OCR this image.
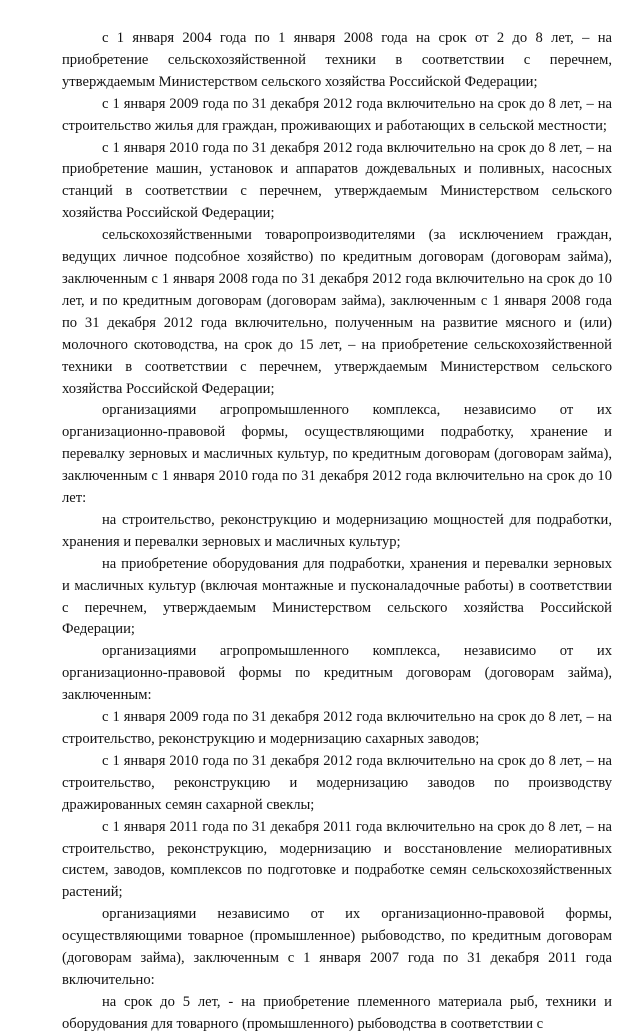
с 1 января 2004 года по 1 января 2008 года на срок от 2 до 8 лет, – на приобретение сельскохозяйственной техники в соответствии с перечнем, утверждаемым Министерством сельского хозяйства Российской Федерации;

с 1 января 2009 года по 31 декабря 2012 года включительно на срок до 8 лет, – на строительство жилья для граждан, проживающих и работающих в сельской местности;

с 1 января 2010 года по 31 декабря 2012 года включительно на срок до 8 лет, – на приобретение машин, установок и аппаратов дождевальных и поливных, насосных станций в соответствии с перечнем, утверждаемым Министерством сельского хозяйства Российской Федерации;

сельскохозяйственными товаропроизводителями (за исключением граждан, ведущих личное подсобное хозяйство) по кредитным договорам (договорам займа), заключенным с 1 января 2008 года по 31 декабря 2012 года включительно на срок до 10 лет, и по кредитным договорам (договорам займа), заключенным с 1 января 2008 года по 31 декабря 2012 года включительно, полученным на развитие мясного и (или) молочного скотоводства, на срок до 15 лет, – на приобретение сельскохозяйственной техники в соответствии с перечнем, утверждаемым Министерством сельского хозяйства Российской Федерации;

организациями агропромышленного комплекса, независимо от их организационно-правовой формы, осуществляющими подработку, хранение и перевалку зерновых и масличных культур, по кредитным договорам (договорам займа), заключенным с 1 января 2010 года по 31 декабря 2012 года включительно на срок до 10 лет:

на строительство, реконструкцию и модернизацию мощностей для подработки, хранения и перевалки зерновых и масличных культур;

на приобретение оборудования для подработки, хранения и перевалки зерновых и масличных культур (включая монтажные и пусконаладочные работы) в соответствии с перечнем, утверждаемым Министерством сельского хозяйства Российской Федерации;

организациями агропромышленного комплекса, независимо от их организационно-правовой формы по кредитным договорам (договорам займа), заключенным:

с 1 января 2009 года по 31 декабря 2012 года включительно на срок до 8 лет, – на строительство, реконструкцию и модернизацию сахарных заводов;

с 1 января 2010 года по 31 декабря 2012 года включительно на срок до 8 лет, – на строительство, реконструкцию и модернизацию заводов по производству дражированных семян сахарной свеклы;

с 1 января 2011 года по 31 декабря 2011 года включительно на срок до 8 лет, – на строительство, реконструкцию, модернизацию и восстановление мелиоративных систем, заводов, комплексов по подготовке и подработке семян сельскохозяйственных растений;

организациями независимо от их организационно-правовой формы, осуществляющими товарное (промышленное) рыбоводство, по кредитным договорам (договорам займа), заключенным с 1 января 2007 года по 31 декабря 2011 года включительно:

на срок до 5 лет, - на приобретение племенного материала рыб, техники и оборудования для товарного (промышленного) рыбоводства в соответствии с
